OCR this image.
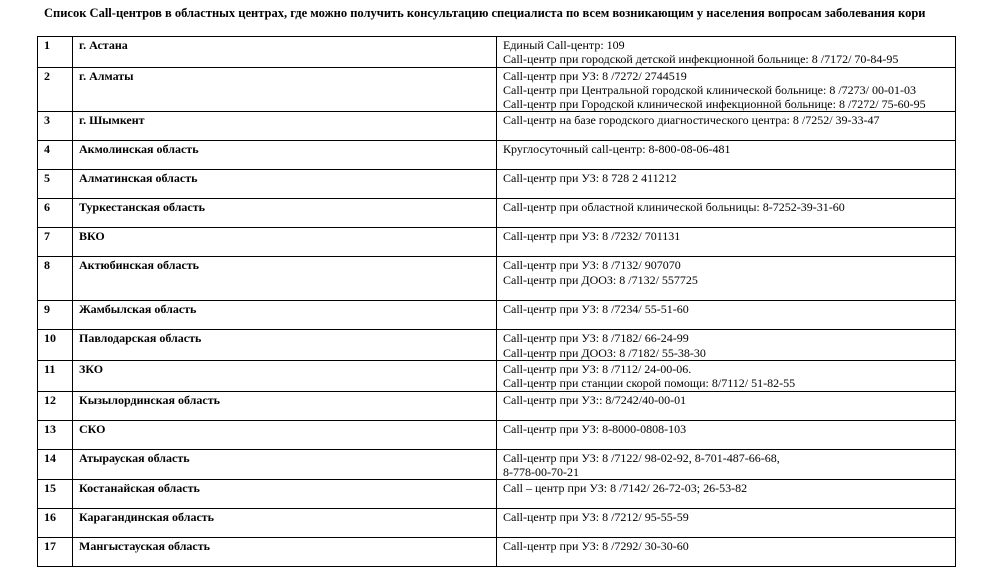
Список Call-центров в областных центрах, где можно получить консультацию специалиста по всем возникающим у населения вопросам заболевания кори
1	г. Астана	Единый Call-центр: 109
Call-центр при городской детской инфекционной больнице: 8 /7172/ 70-84-95

2	г. Алматы	Call-центр при УЗ: 8 /7272/ 2744519
Call-центр при Центральной городской клинической больнице: 8 /7273/ 00-01-03
Call-центр при Городской клинической инфекционной больнице: 8 /7272/ 75-60-95

3	г. Шымкент	Call-центр на базе городского диагностического центра: 8 /7252/ 39-33-47

4	Акмолинская область	Круглосуточный call-центр: 8-800-08-06-481

5	Алматинская область	Call-центр при УЗ: 8 728 2 411212

6	Туркестанская область	Call-центр при областной клинической больницы: 8-7252-39-31-60

7	ВКО	Call-центр при УЗ: 8 /7232/ 701131

8	Актюбинская область	Call-центр при УЗ: 8 /7132/ 907070
Call-центр при ДООЗ: 8 /7132/ 557725

9	Жамбылская область	Call-центр при УЗ: 8 /7234/ 55-51-60

10	Павлодарская область	Call-центр при УЗ: 8 /7182/ 66-24-99
Call-центр при ДООЗ: 8 /7182/ 55-38-30

11	ЗКО	Call-центр при УЗ: 8 /7112/ 24-00-06.
Call-центр при станции скорой помощи: 8/7112/ 51-82-55

12	Кызылординская область	Call-центр при УЗ:: 8/7242/40-00-01

13	СКО	Call-центр при УЗ: 8-8000-0808-103

14	Атырауская область	Call-центр при УЗ: 8 /7122/ 98-02-92, 8-701-487-66-68,
8-778-00-70-21

15	Костанайская область	Call – центр при УЗ: 8 /7142/ 26-72-03; 26-53-82

16	Карагандинская область	Call-центр при УЗ: 8 /7212/ 95-55-59

17	Мангыстауская область	Call-центр при УЗ: 8 /7292/ 30-30-60
